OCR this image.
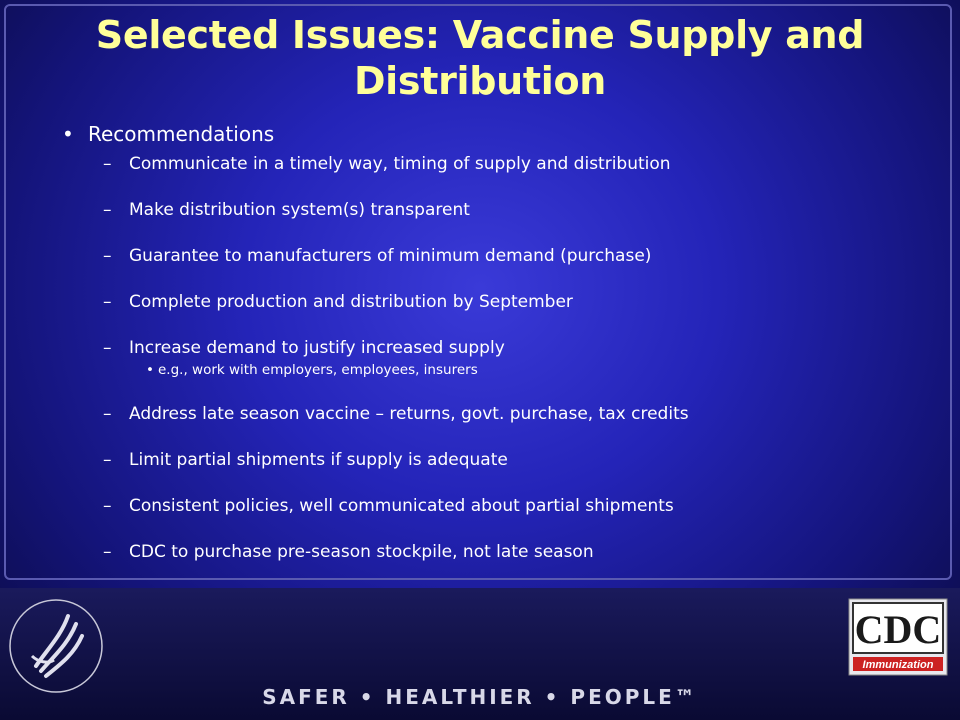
Selected Issues: Vaccine Supply and Distribution
• Recommendations
– Communicate in a timely way, timing of supply and distribution
– Make distribution system(s) transparent
– Guarantee to manufacturers of minimum demand (purchase)
– Complete production and distribution by September
– Increase demand to justify increased supply
• e.g., work with employers, employees, insurers
– Address late season vaccine – returns, govt. purchase, tax credits
– Limit partial shipments if supply is adequate
– Consistent policies, well communicated about partial shipments
– CDC to purchase pre-season stockpile, not late season
CDC
Immunization
SAFER • HEALTHIER • PEOPLE™
